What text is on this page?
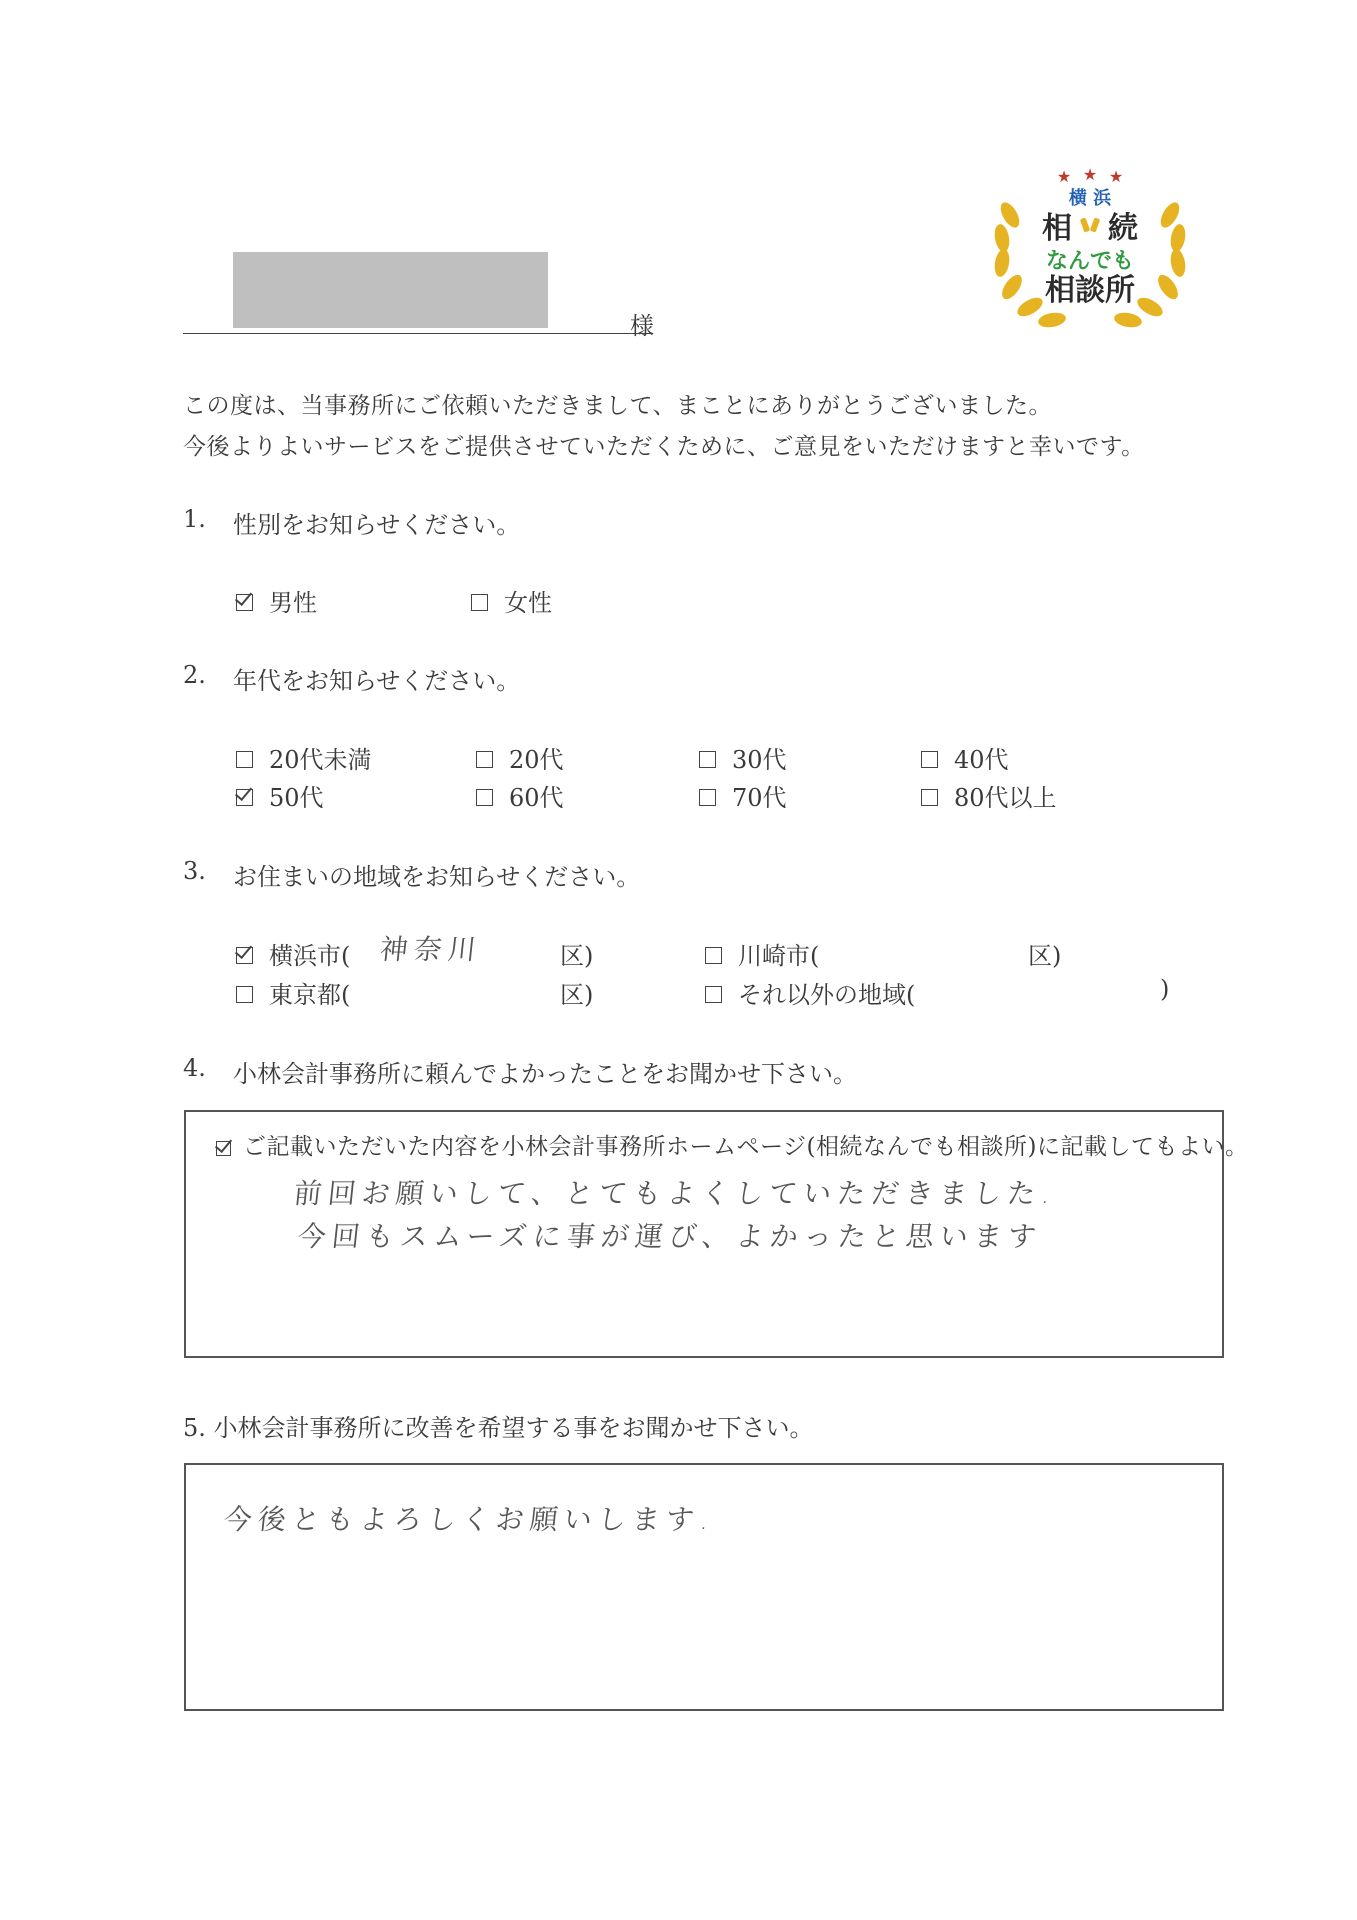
★ ★ ★
横 浜
相 続
なんでも
相談所
様
この度は、当事務所にご依頼いただきまして、まことにありがとうございました。
今後よりよいサービスをご提供させていただくために、ご意見をいただけますと幸いです。
1. 性別をお知らせください。
男性	女性
2. 年代をお知らせください。
20代未満	20代	30代	40代
50代	60代	70代	80代以上
3. お住まいの地域をお知らせください。
横浜市( 神奈川	区)	川崎市(	区)
東京都(	区)	それ以外の地域(	)
4. 小林会計事務所に頼んでよかったことをお聞かせ下さい。
ご記載いただいた内容を小林会計事務所ホームページ(相続なんでも相談所)に記載してもよい。
前回お願いして、とてもよくしていただきました.
今回もスムーズに事が運び、よかったと思います
5. 小林会計事務所に改善を希望する事をお聞かせ下さい。
今後ともよろしくお願いします.
